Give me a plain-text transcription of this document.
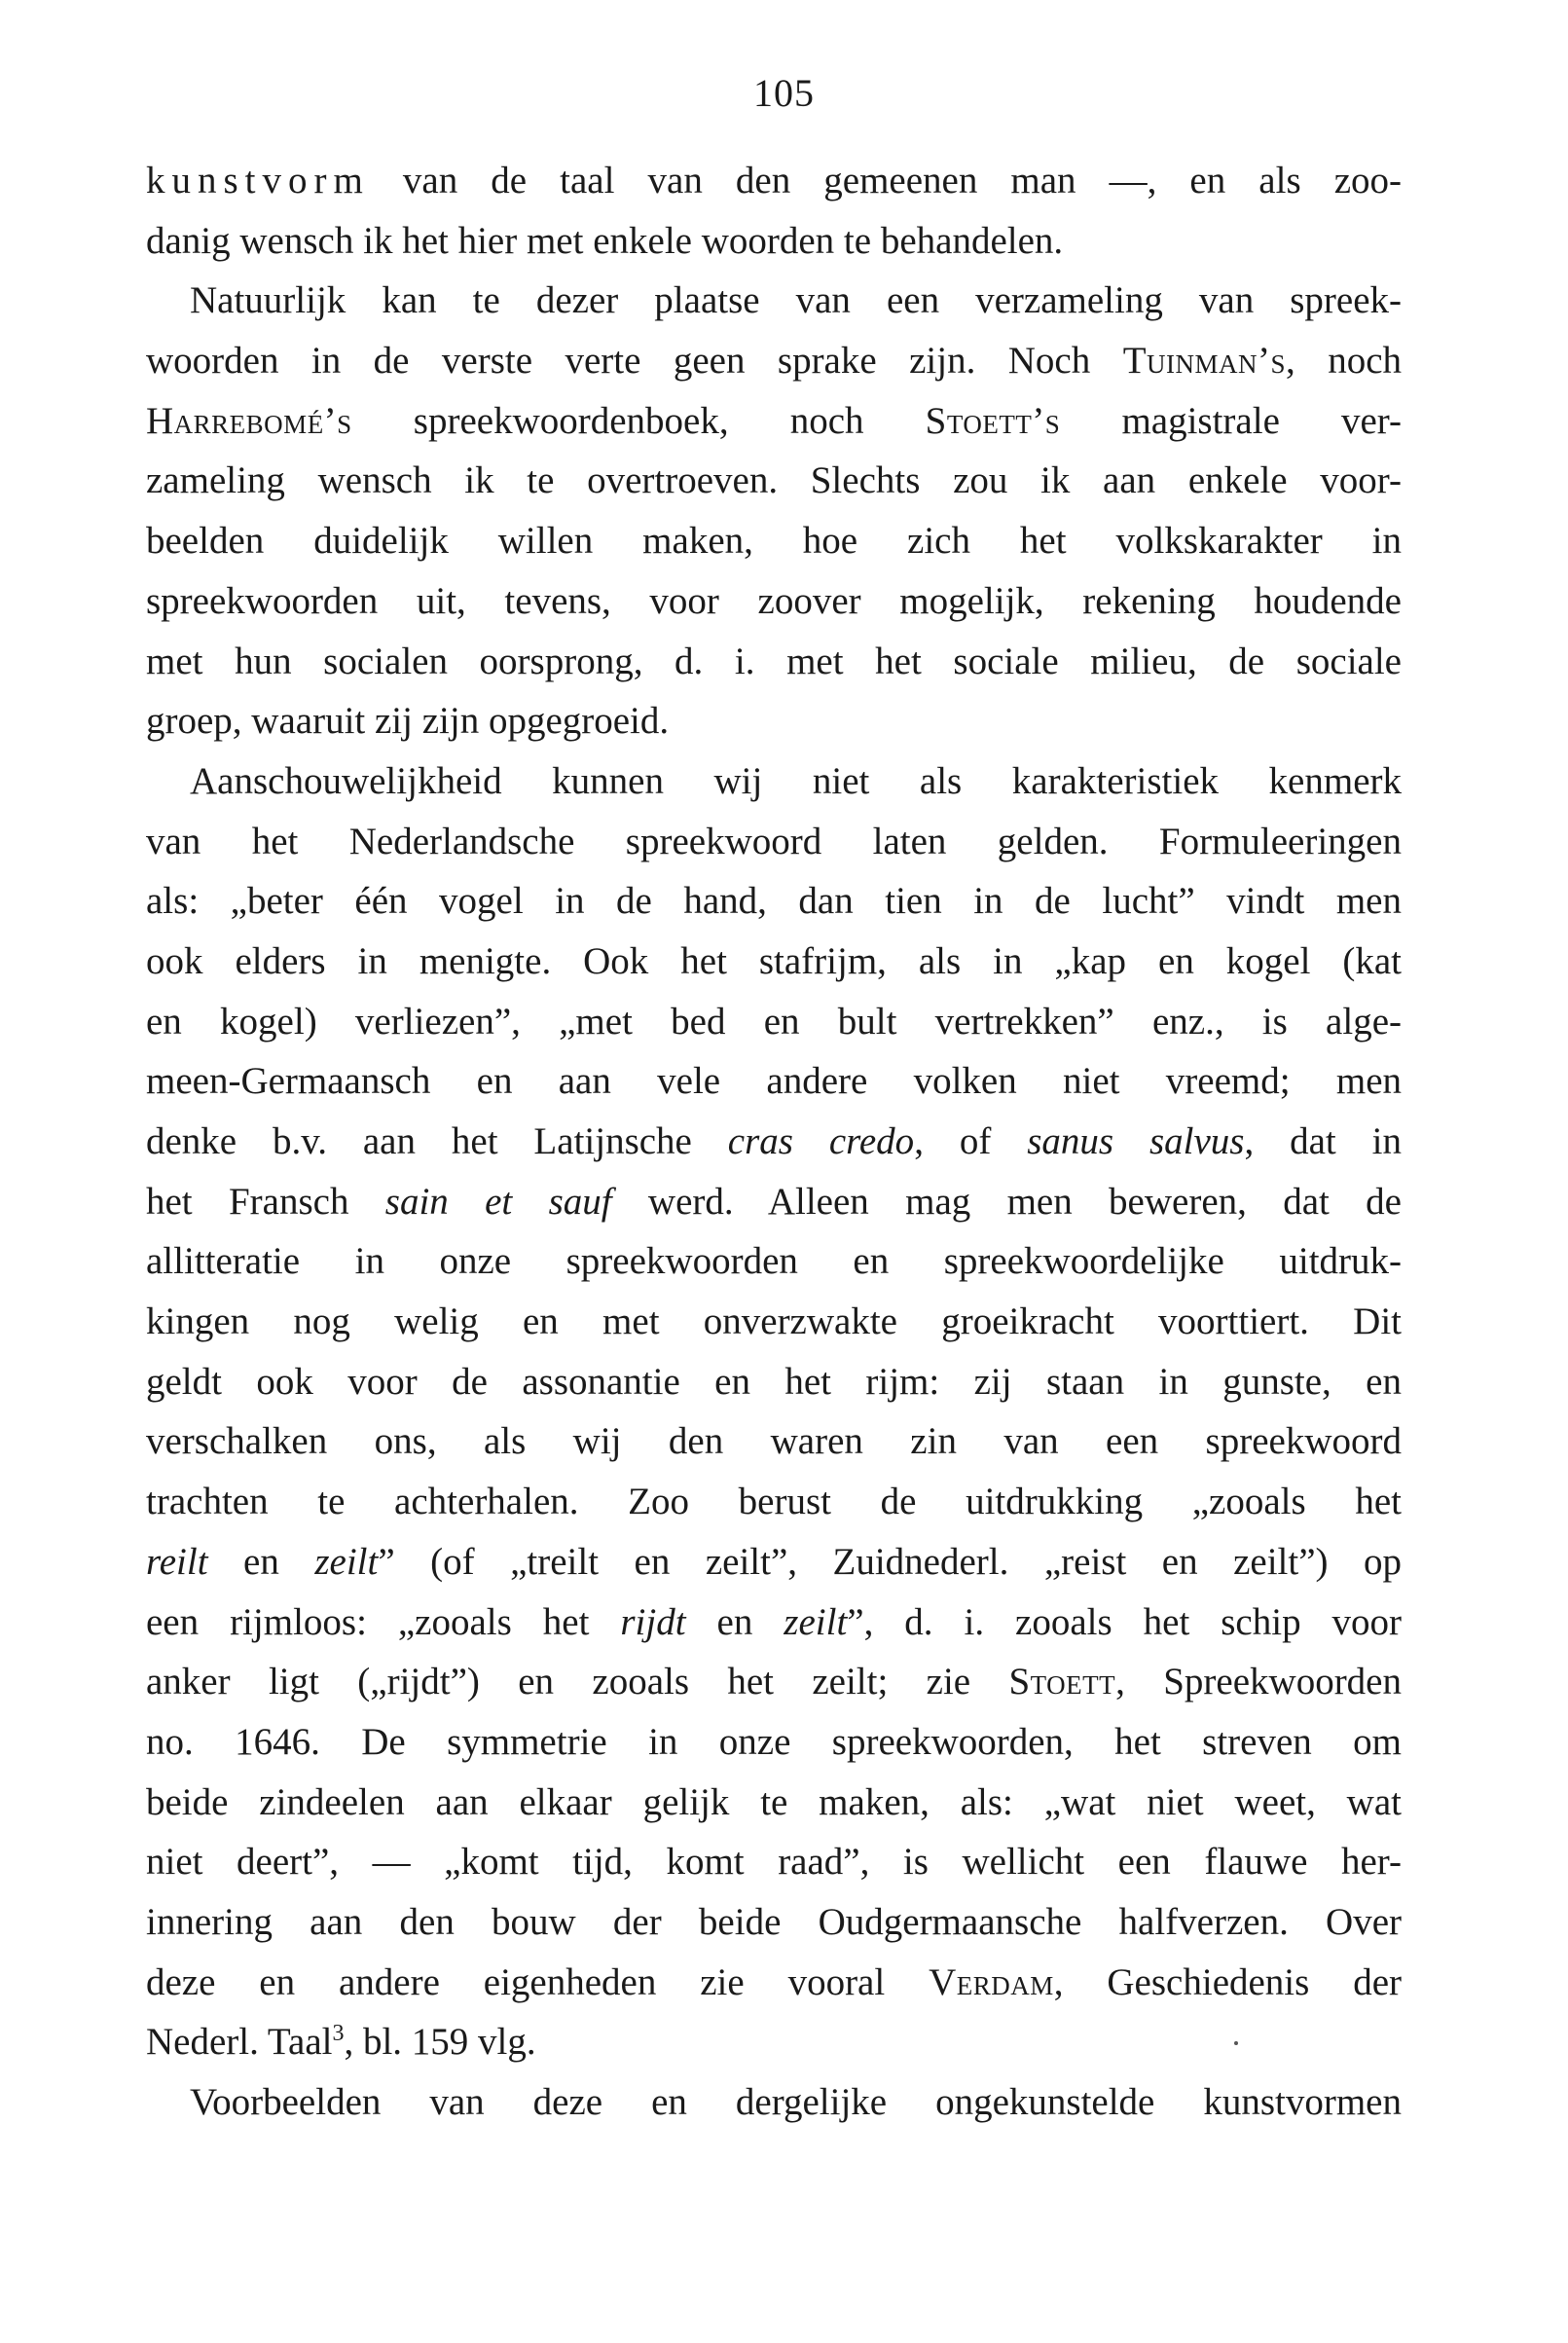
105
kunstvorm van de taal van den gemeenen man —, en als zoo-
danig wensch ik het hier met enkele woorden te behandelen.
Natuurlijk kan te dezer plaatse van een verzameling van spreek-
woorden in de verste verte geen sprake zijn. Noch Tuinman’s, noch
Harrebomé’s spreekwoordenboek, noch Stoett’s magistrale ver-
zameling wensch ik te overtroeven. Slechts zou ik aan enkele voor-
beelden duidelijk willen maken, hoe zich het volkskarakter in
spreekwoorden uit, tevens, voor zoover mogelijk, rekening houdende
met hun socialen oorsprong, d. i. met het sociale milieu, de sociale
groep, waaruit zij zijn opgegroeid.
Aanschouwelijkheid kunnen wij niet als karakteristiek kenmerk
van het Nederlandsche spreekwoord laten gelden. Formuleeringen
als: „beter één vogel in de hand, dan tien in de lucht” vindt men
ook elders in menigte. Ook het stafrijm, als in „kap en kogel (kat
en kogel) verliezen”, „met bed en bult vertrekken” enz., is alge-
meen-Germaansch en aan vele andere volken niet vreemd; men
denke b.v. aan het Latijnsche cras credo, of sanus salvus, dat in
het Fransch sain et sauf werd. Alleen mag men beweren, dat de
allitteratie in onze spreekwoorden en spreekwoordelijke uitdruk-
kingen nog welig en met onverzwakte groeikracht voorttiert. Dit
geldt ook voor de assonantie en het rijm: zij staan in gunste, en
verschalken ons, als wij den waren zin van een spreekwoord
trachten te achterhalen. Zoo berust de uitdrukking „zooals het
reilt en zeilt” (of „treilt en zeilt”, Zuidnederl. „reist en zeilt”) op
een rijmloos: „zooals het rijdt en zeilt”, d. i. zooals het schip voor
anker ligt („rijdt”) en zooals het zeilt; zie Stoett, Spreekwoorden
no. 1646. De symmetrie in onze spreekwoorden, het streven om
beide zindeelen aan elkaar gelijk te maken, als: „wat niet weet, wat
niet deert”, — „komt tijd, komt raad”, is wellicht een flauwe her-
innering aan den bouw der beide Oudgermaansche halfverzen. Over
deze en andere eigenheden zie vooral Verdam, Geschiedenis der
Nederl. Taal$^3$, bl. 159 vlg.
Voorbeelden van deze en dergelijke ongekunstelde kunstvormen
